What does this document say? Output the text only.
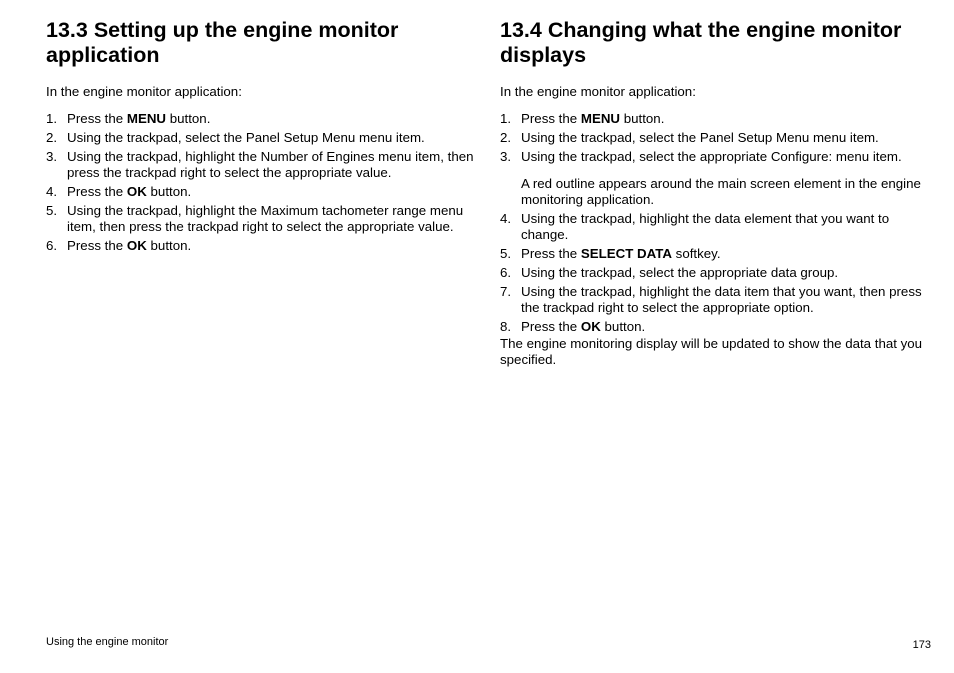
13.3 Setting up the engine monitor application

In the engine monitor application:

1. Press the MENU button.
2. Using the trackpad, select the Panel Setup Menu menu item.
3. Using the trackpad, highlight the Number of Engines menu item, then press the trackpad right to select the appropriate value.
4. Press the OK button.
5. Using the trackpad, highlight the Maximum tachometer range menu item, then press the trackpad right to select the appropriate value.
6. Press the OK button.
13.4 Changing what the engine monitor displays

In the engine monitor application:

1. Press the MENU button.
2. Using the trackpad, select the Panel Setup Menu menu item.
3. Using the trackpad, select the appropriate Configure: menu item.
A red outline appears around the main screen element in the engine monitoring application.
4. Using the trackpad, highlight the data element that you want to change.
5. Press the SELECT DATA softkey.
6. Using the trackpad, select the appropriate data group.
7. Using the trackpad, highlight the data item that you want, then press the trackpad right to select the appropriate option.
8. Press the OK button.

The engine monitoring display will be updated to show the data that you specified.

Using the engine monitor	173
